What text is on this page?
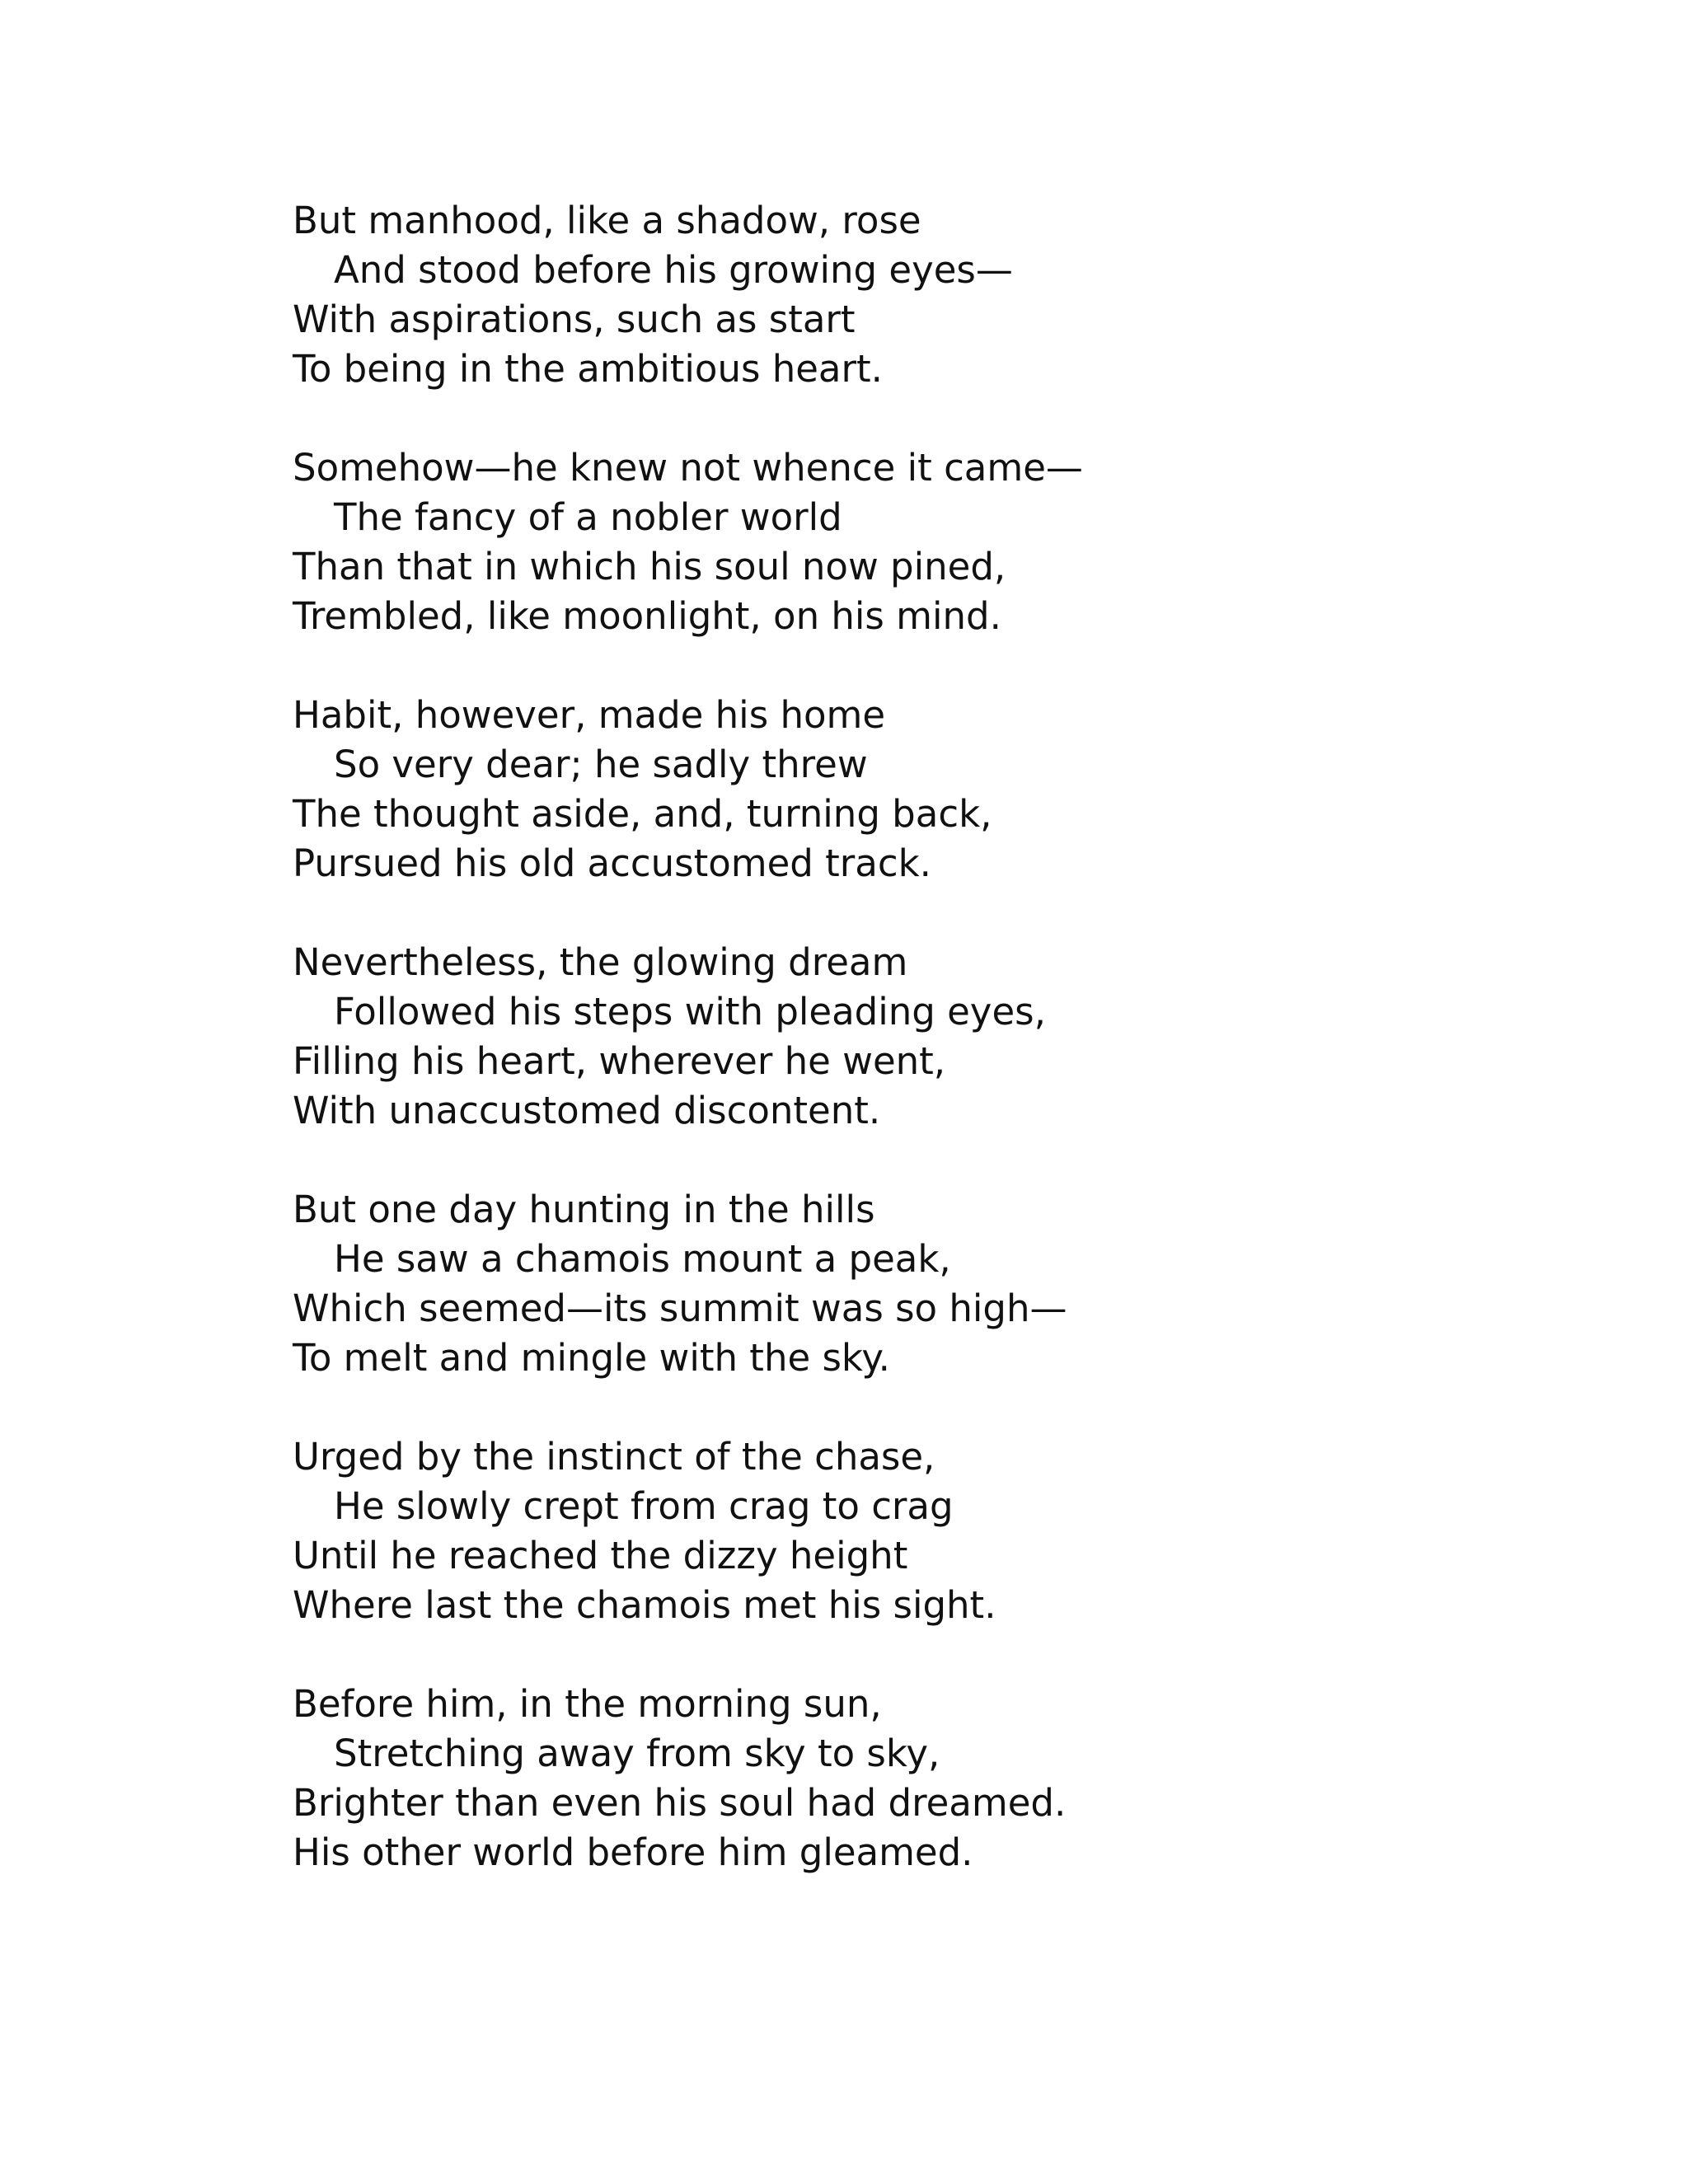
But manhood, like a shadow, rose
And stood before his growing eyes—
With aspirations, such as start
To being in the ambitious heart.
Somehow—he knew not whence it came—
The fancy of a nobler world
Than that in which his soul now pined,
Trembled, like moonlight, on his mind.
Habit, however, made his home
So very dear; he sadly threw
The thought aside, and, turning back,
Pursued his old accustomed track.
Nevertheless, the glowing dream
Followed his steps with pleading eyes,
Filling his heart, wherever he went,
With unaccustomed discontent.
But one day hunting in the hills
He saw a chamois mount a peak,
Which seemed—its summit was so high—
To melt and mingle with the sky.
Urged by the instinct of the chase,
He slowly crept from crag to crag
Until he reached the dizzy height
Where last the chamois met his sight.
Before him, in the morning sun,
Stretching away from sky to sky,
Brighter than even his soul had dreamed.
His other world before him gleamed.
